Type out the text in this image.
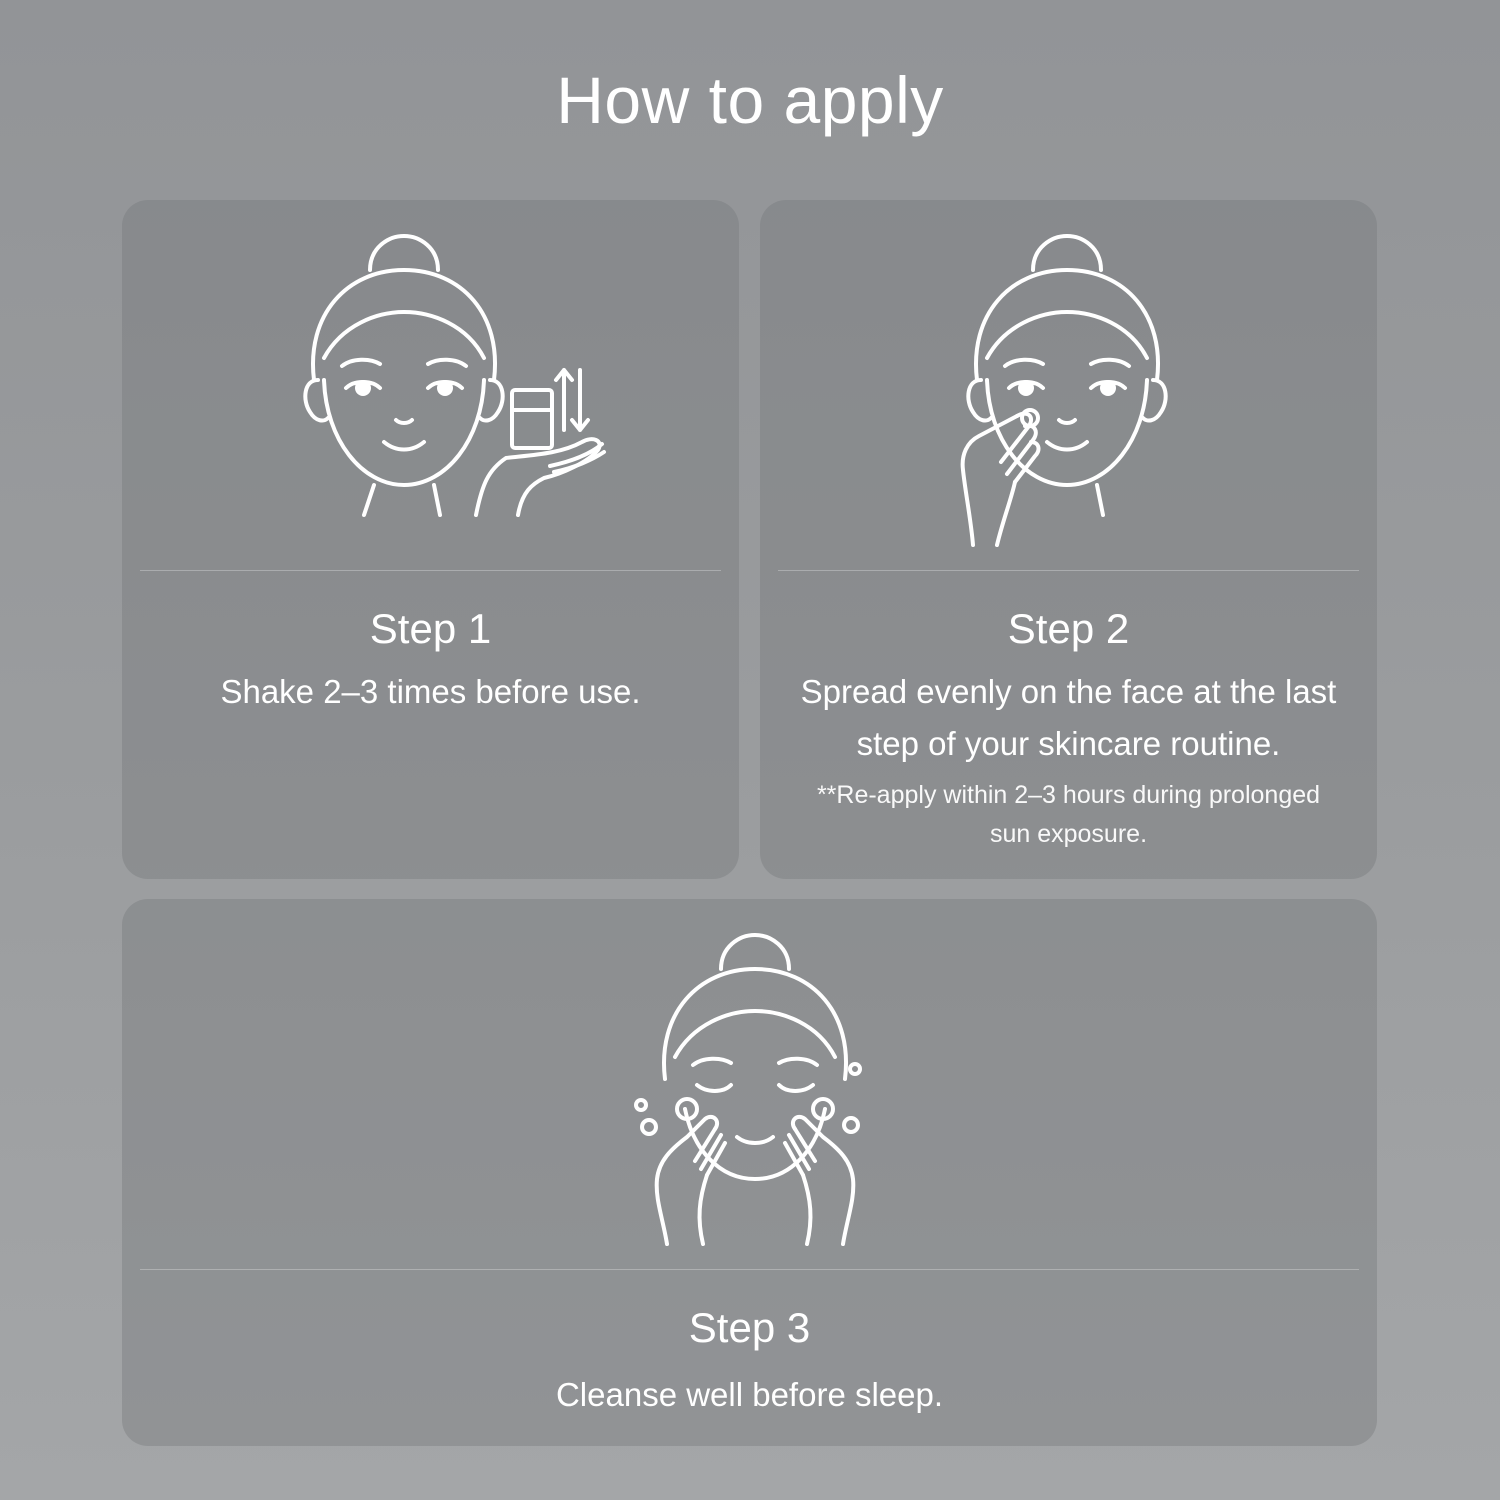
How to apply
Step 1
Shake 2–3 times before use.
Step 2
Spread evenly on the face at the last step of your skincare routine.
**Re-apply within 2–3 hours during prolonged sun exposure.
Step 3
Cleanse well before sleep.
